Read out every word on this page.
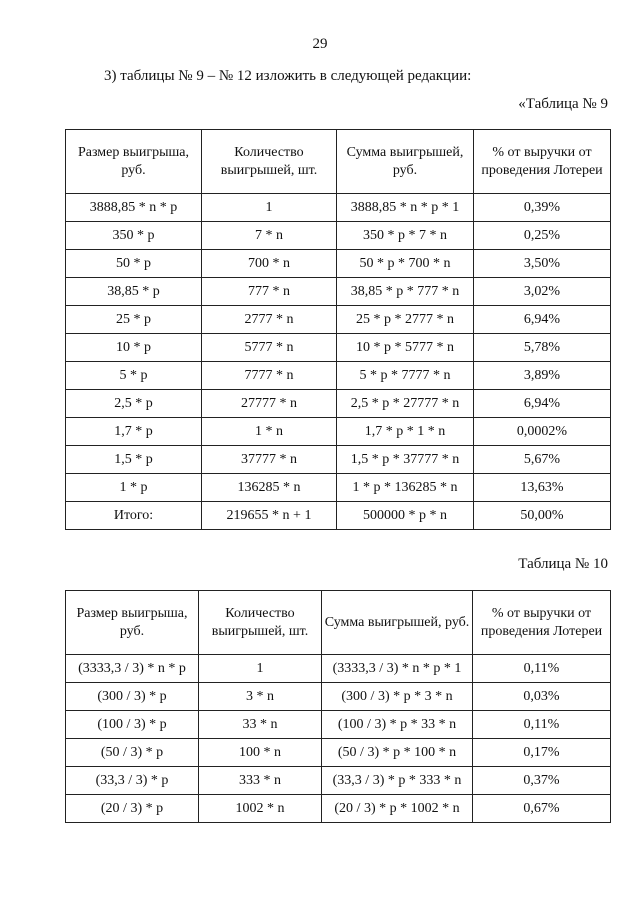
29
3) таблицы № 9 – № 12 изложить в следующей редакции:
«Таблица № 9
Размер выигрыша, руб.	Количество выигрышей, шт.	Сумма выигрышей, руб.	% от выручки от проведения Лотереи
3888,85 * n * p	1	3888,85 * n * p * 1	0,39%
350 * p	7 * n	350 * p * 7 * n	0,25%
50 * p	700 * n	50 * p * 700 * n	3,50%
38,85 * p	777 * n	38,85 * p * 777 * n	3,02%
25 * p	2777 * n	25 * p * 2777 * n	6,94%
10 * p	5777 * n	10 * p * 5777 * n	5,78%
5 * p	7777 * n	5 * p * 7777 * n	3,89%
2,5 * p	27777 * n	2,5 * p * 27777 * n	6,94%
1,7 * p	1 * n	1,7 * p * 1 * n	0,0002%
1,5 * p	37777 * n	1,5 * p * 37777 * n	5,67%
1 * p	136285 * n	1 * p * 136285 * n	13,63%
Итого:	219655 * n + 1	500000 * p * n	50,00%
Таблица № 10
Размер выигрыша, руб.	Количество выигрышей, шт.	Сумма выигрышей, руб.	% от выручки от проведения Лотереи
(3333,3 / 3) * n * p	1	(3333,3 / 3) * n * p * 1	0,11%
(300 / 3) * p	3 * n	(300 / 3) * p * 3 * n	0,03%
(100 / 3) * p	33 * n	(100 / 3) * p * 33 * n	0,11%
(50 / 3) * p	100 * n	(50 / 3) * p * 100 * n	0,17%
(33,3 / 3) * p	333 * n	(33,3 / 3) * p * 333 * n	0,37%
(20 / 3) * p	1002 * n	(20 / 3) * p * 1002 * n	0,67%
